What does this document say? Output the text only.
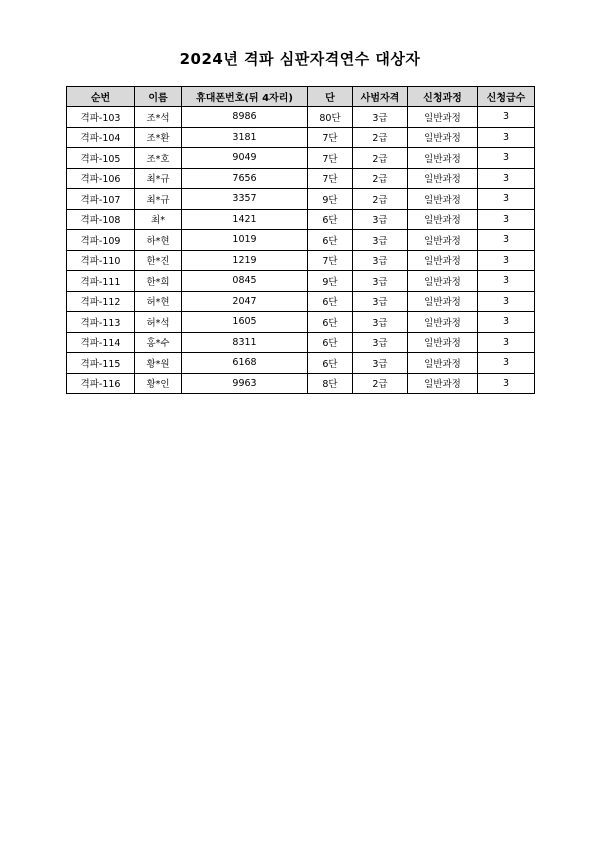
2024년 격파 심판자격연수 대상자
순번	이름	휴대폰번호(뒤 4자리)	단	사범자격	신청과정	신청급수
격파-103	조*석	8986	80단	3급	일반과정	3
격파-104	조*환	3181	7단	2급	일반과정	3
격파-105	조*호	9049	7단	2급	일반과정	3
격파-106	최*규	7656	7단	2급	일반과정	3
격파-107	최*규	3357	9단	2급	일반과정	3
격파-108	최*	1421	6단	3급	일반과정	3
격파-109	하*현	1019	6단	3급	일반과정	3
격파-110	한*진	1219	7단	3급	일반과정	3
격파-111	한*희	0845	9단	3급	일반과정	3
격파-112	허*현	2047	6단	3급	일반과정	3
격파-113	허*석	1605	6단	3급	일반과정	3
격파-114	홍*수	8311	6단	3급	일반과정	3
격파-115	황*원	6168	6단	3급	일반과정	3
격파-116	황*인	9963	8단	2급	일반과정	3
